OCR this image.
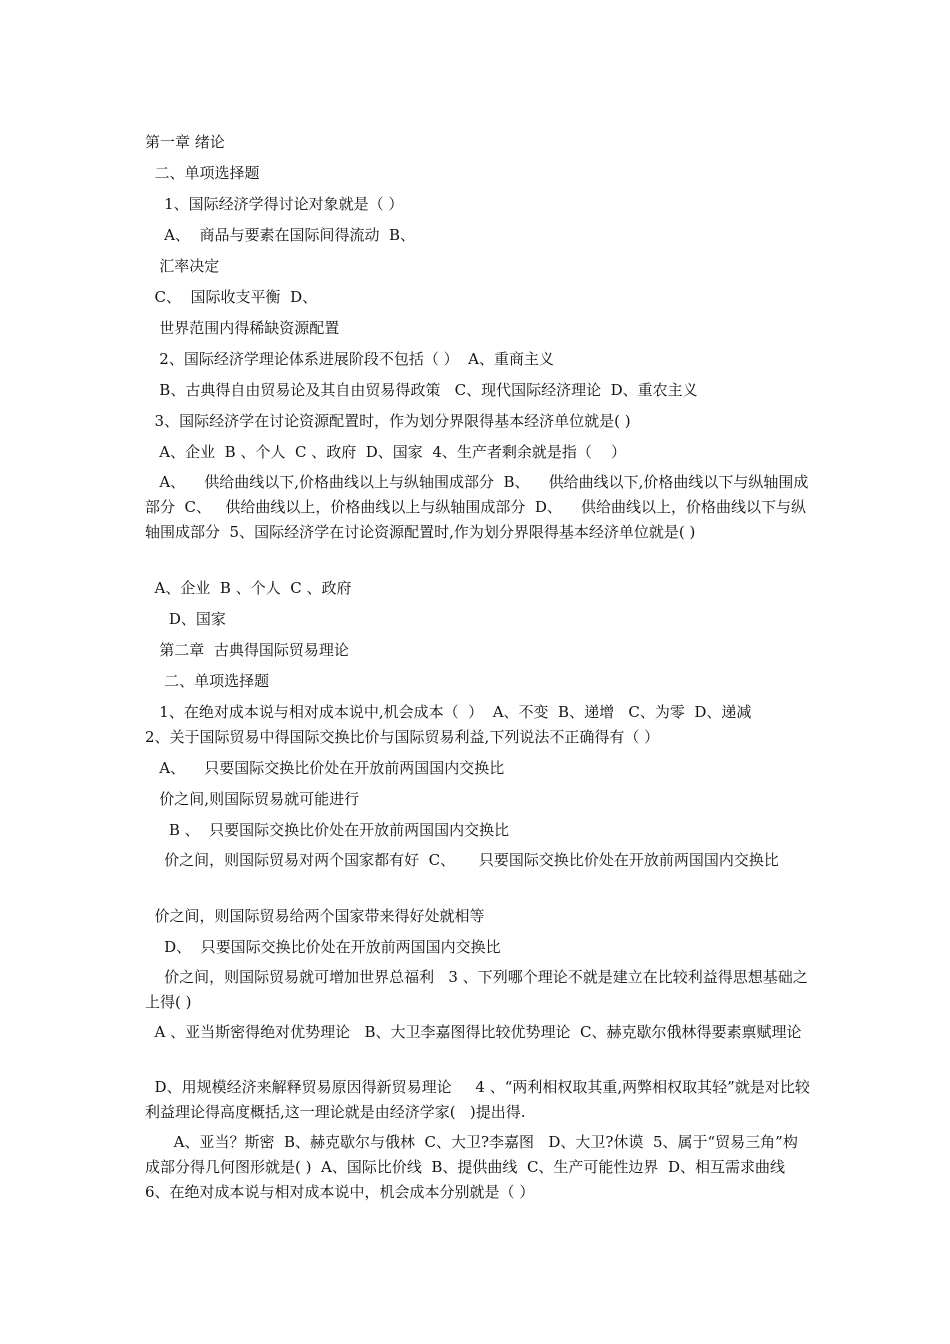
第一章 绪论
二、单项选择题
1、国际经济学得讨论对象就是（ ）
A、  商品与要素在国际间得流动  B、
汇率决定
C、  国际收支平衡  D、
世界范围内得稀缺资源配置
2、国际经济学理论体系进展阶段不包括（ ）  A、重商主义
B、古典得自由贸易论及其自由贸易得政策   C、现代国际经济理论  D、重农主义
3、国际经济学在讨论资源配置时，作为划分界限得基本经济单位就是( )
A、企业  B 、个人  C 、政府  D、国家  4、生产者剩余就是指（    ）
A、    供给曲线以下,价格曲线以上与纵轴围成部分  B、    供给曲线以下,价格曲线以下与纵轴围成部分  C、   供给曲线以上，价格曲线以上与纵轴围成部分  D、    供给曲线以上，价格曲线以下与纵轴围成部分  5、国际经济学在讨论资源配置时,作为划分界限得基本经济单位就是( )
A、企业  B 、个人  C 、政府
D、国家
第二章  古典得国际贸易理论
二、单项选择题
1、在绝对成本说与相对成本说中,机会成本（  ）  A、不变  B、递增   C、为零  D、递减
2、关于国际贸易中得国际交换比价与国际贸易利益,下列说法不正确得有（ ）
A、    只要国际交换比价处在开放前两国国内交换比
价之间,则国际贸易就可能进行
B 、  只要国际交换比价处在开放前两国国内交换比
价之间，则国际贸易对两个国家都有好  C、     只要国际交换比价处在开放前两国国内交换比
价之间，则国际贸易给两个国家带来得好处就相等
D、  只要国际交换比价处在开放前两国国内交换比
价之间，则国际贸易就可增加世界总福利   3 、下列哪个理论不就是建立在比较利益得思想基础之上得( )
A 、亚当斯密得绝对优势理论   B、大卫李嘉图得比较优势理论  C、赫克歇尔俄林得要素禀赋理论
D、用规模经济来解释贸易原因得新贸易理论     4 、“两利相权取其重,两弊相权取其轻”就是对比较利益理论得高度概括,这一理论就是由经济学家(   )提出得.
A、亚当？斯密  B、赫克歇尔与俄林  C、大卫?李嘉图   D、大卫?休谟  5、属于“贸易三角”构成部分得几何图形就是( )  A、国际比价线  B、提供曲线  C、生产可能性边界  D、相互需求曲线   6、在绝对成本说与相对成本说中，机会成本分别就是（ ）
